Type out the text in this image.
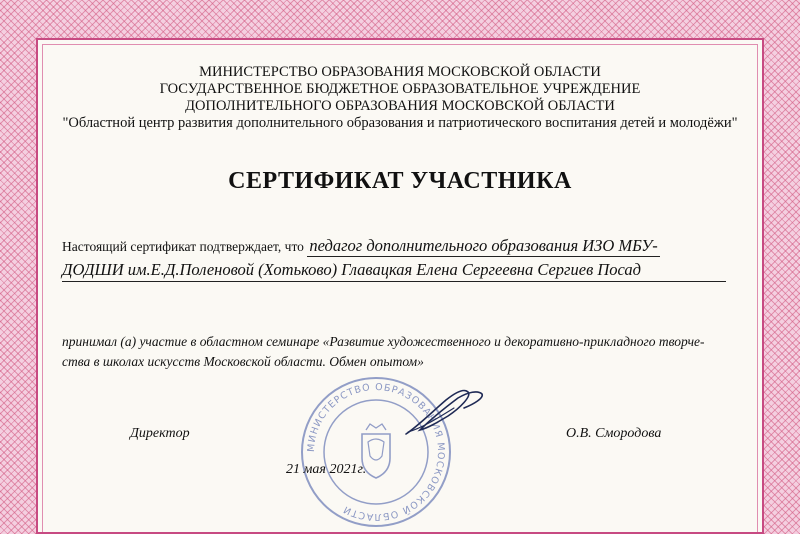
МИНИСТЕРСТВО ОБРАЗОВАНИЯ МОСКОВСКОЙ ОБЛАСТИ
ГОСУДАРСТВЕННОЕ БЮДЖЕТНОЕ ОБРАЗОВАТЕЛЬНОЕ УЧРЕЖДЕНИЕ
ДОПОЛНИТЕЛЬНОГО ОБРАЗОВАНИЯ МОСКОВСКОЙ ОБЛАСТИ
"Областной центр развития дополнительного образования и патриотического воспитания детей и молодёжи"
СЕРТИФИКАТ УЧАСТНИКА
Настоящий сертификат подтверждает, что педагог дополнительного образования ИЗО МБУ-
ДОДШИ им.Е.Д.Поленовой (Хотьково) Главацкая Елена Сергеевна Сергиев Посад
принимал (а) участие в областном семинаре «Развитие художественного и декоративно-прикладного творче-
ства в школах искусств Московской области. Обмен опытом»
МИНИСТЕРСТВО ОБРАЗОВАНИЯ МОСКОВСКОЙ ОБЛАСТИ
Директор	О.В. Смородова
21 мая 2021г.
